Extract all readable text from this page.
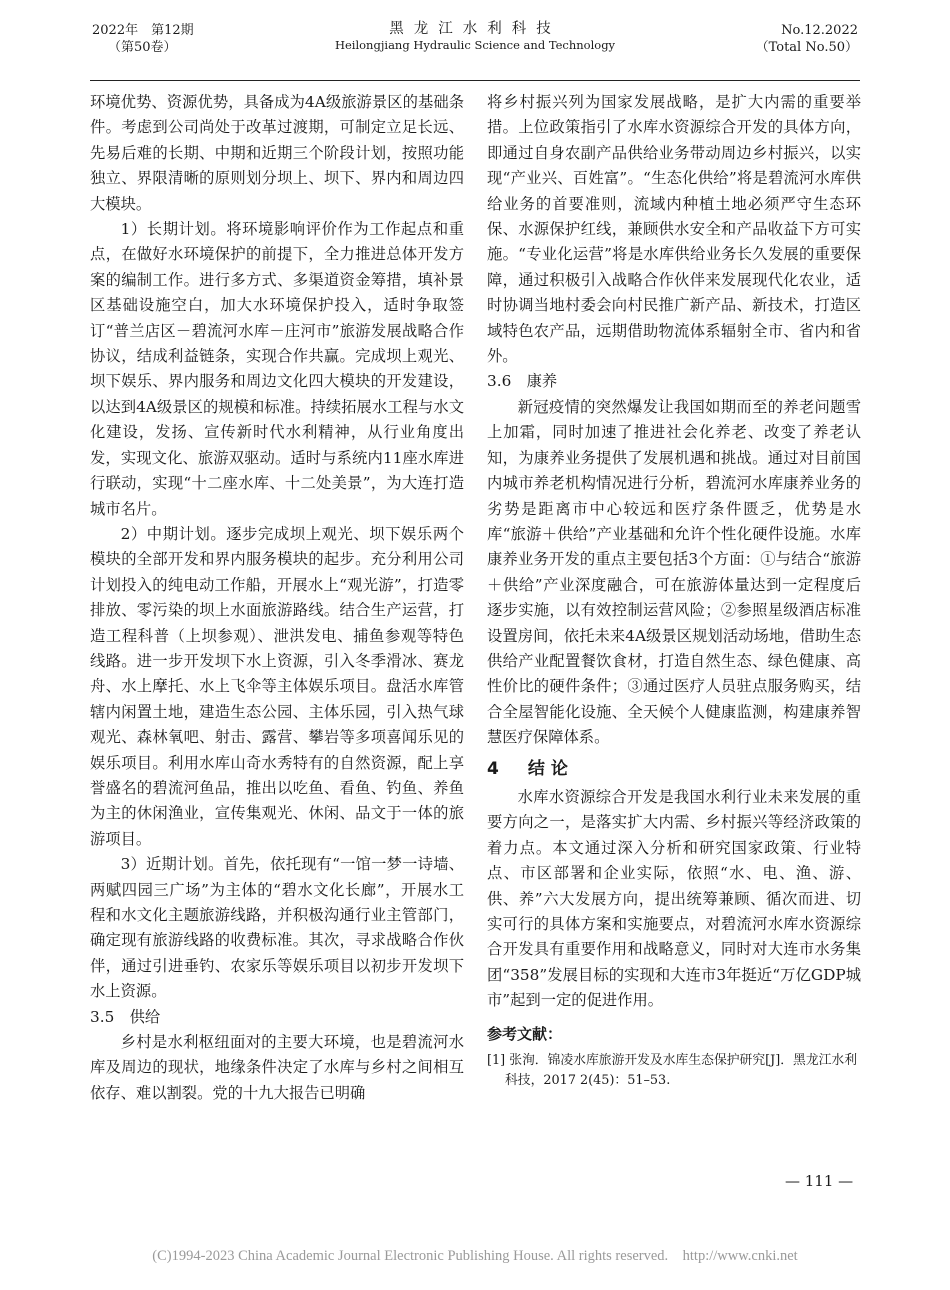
2022年　第12期
（第50卷）
黑龙江水利科技
Heilongjiang Hydraulic Science and Technology
No.12.2022
（Total No.50）

环境优势、资源优势，具备成为4A级旅游景区的基础条件。考虑到公司尚处于改革过渡期，可制定立足长远、先易后难的长期、中期和近期三个阶段计划，按照功能独立、界限清晰的原则划分坝上、坝下、界内和周边四大模块。

1）长期计划。将环境影响评价作为工作起点和重点，在做好水环境保护的前提下，全力推进总体开发方案的编制工作。进行多方式、多渠道资金筹措，填补景区基础设施空白，加大水环境保护投入，适时争取签订“普兰店区－碧流河水库－庄河市”旅游发展战略合作协议，结成利益链条，实现合作共赢。完成坝上观光、坝下娱乐、界内服务和周边文化四大模块的开发建设，以达到4A级景区的规模和标准。持续拓展水工程与水文化建设，发扬、宣传新时代水利精神，从行业角度出发，实现文化、旅游双驱动。适时与系统内11座水库进行联动，实现“十二座水库、十二处美景”，为大连打造城市名片。

2）中期计划。逐步完成坝上观光、坝下娱乐两个模块的全部开发和界内服务模块的起步。充分利用公司计划投入的纯电动工作船，开展水上“观光游”，打造零排放、零污染的坝上水面旅游路线。结合生产运营，打造工程科普（上坝参观）、泄洪发电、捕鱼参观等特色线路。进一步开发坝下水上资源，引入冬季滑冰、赛龙舟、水上摩托、水上飞伞等主体娱乐项目。盘活水库管辖内闲置土地，建造生态公园、主体乐园，引入热气球观光、森林氧吧、射击、露营、攀岩等多项喜闻乐见的娱乐项目。利用水库山奇水秀特有的自然资源，配上享誉盛名的碧流河鱼品，推出以吃鱼、看鱼、钓鱼、养鱼为主的休闲渔业，宣传集观光、休闲、品文于一体的旅游项目。

3）近期计划。首先，依托现有“一馆一梦一诗墙、两赋四园三广场”为主体的“碧水文化长廊”，开展水工程和水文化主题旅游线路，并积极沟通行业主管部门，确定现有旅游线路的收费标准。其次，寻求战略合作伙伴，通过引进垂钓、农家乐等娱乐项目以初步开发坝下水上资源。

3.5　供给

乡村是水利枢纽面对的主要大环境，也是碧流河水库及周边的现状，地缘条件决定了水库与乡村之间相互依存、难以割裂。党的十九大报告已明确

将乡村振兴列为国家发展战略，是扩大内需的重要举措。上位政策指引了水库水资源综合开发的具体方向，即通过自身农副产品供给业务带动周边乡村振兴，以实现“产业兴、百姓富”。“生态化供给”将是碧流河水库供给业务的首要准则，流域内种植土地必须严守生态环保、水源保护红线，兼顾供水安全和产品收益下方可实施。“专业化运营”将是水库供给业务长久发展的重要保障，通过积极引入战略合作伙伴来发展现代化农业，适时协调当地村委会向村民推广新产品、新技术，打造区域特色农产品，远期借助物流体系辐射全市、省内和省外。

3.6　康养

新冠疫情的突然爆发让我国如期而至的养老问题雪上加霜，同时加速了推进社会化养老、改变了养老认知，为康养业务提供了发展机遇和挑战。通过对目前国内城市养老机构情况进行分析，碧流河水库康养业务的劣势是距离市中心较远和医疗条件匮乏，优势是水库“旅游＋供给”产业基础和允许个性化硬件设施。水库康养业务开发的重点主要包括3个方面：①与结合“旅游＋供给”产业深度融合，可在旅游体量达到一定程度后逐步实施，以有效控制运营风险；②参照星级酒店标准设置房间，依托未来4A级景区规划活动场地，借助生态供给产业配置餐饮食材，打造自然生态、绿色健康、高性价比的硬件条件；③通过医疗人员驻点服务购买，结合全屋智能化设施、全天候个人健康监测，构建康养智慧医疗保障体系。

4　结论

水库水资源综合开发是我国水利行业未来发展的重要方向之一，是落实扩大内需、乡村振兴等经济政策的着力点。本文通过深入分析和研究国家政策、行业特点、市区部署和企业实际，依照“水、电、渔、游、供、养”六大发展方向，提出统筹兼顾、循次而进、切实可行的具体方案和实施要点，对碧流河水库水资源综合开发具有重要作用和战略意义，同时对大连市水务集团“358”发展目标的实现和大连市3年挺近“万亿GDP城市”起到一定的促进作用。

参考文献：

[1] 张洵．锦凌水库旅游开发及水库生态保护研究[J]．黑龙江水利科技，2017 2(45)：51–53.

— 111 —
(C)1994-2023 China Academic Journal Electronic Publishing House. All rights reserved.　http://www.cnki.net
